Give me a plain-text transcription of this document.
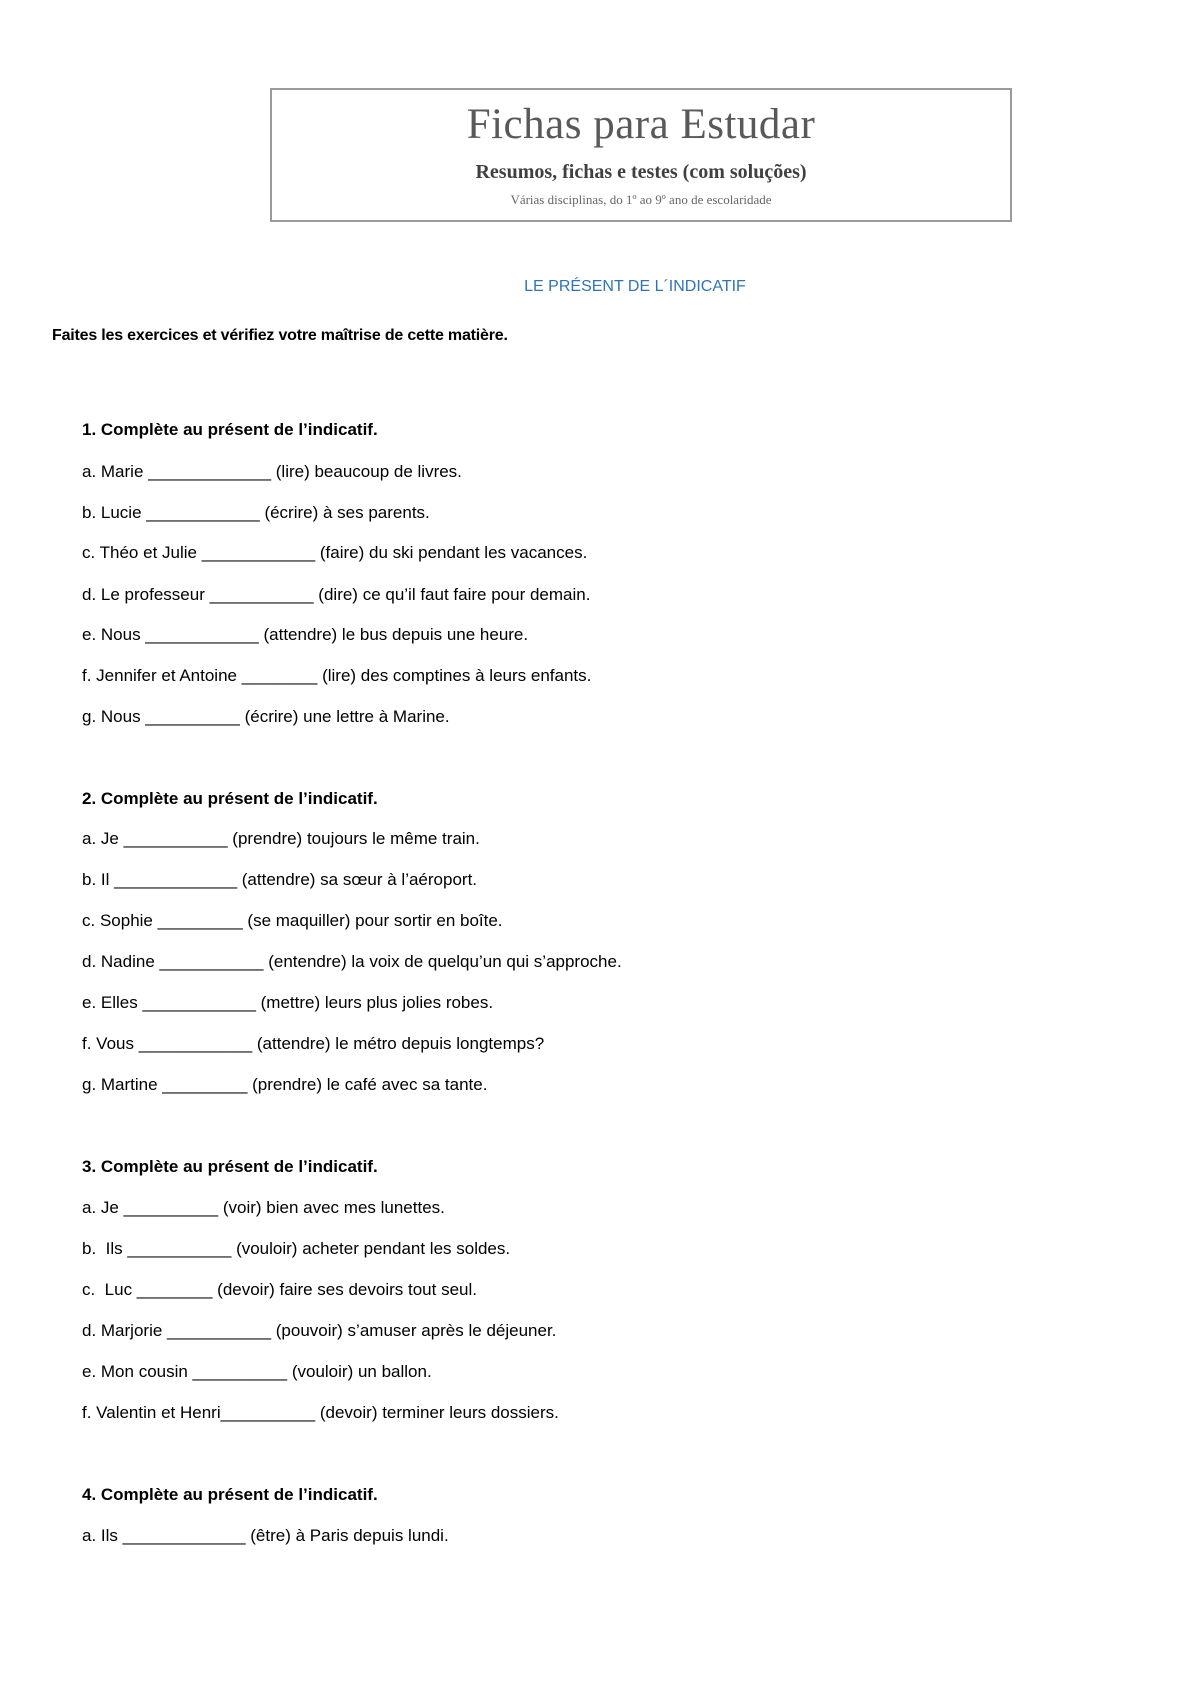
Fichas para Estudar
Resumos, fichas e testes (com soluções)
Várias disciplinas, do 1º ao 9º ano de escolaridade
LE PRÉSENT DE L´INDICATIF
Faites les exercices et vérifiez votre maîtrise de cette matière.
1. Complète au présent de l’indicatif.
a. Marie _____________ (lire) beaucoup de livres.
b. Lucie ____________ (écrire) à ses parents.
c. Théo et Julie ____________ (faire) du ski pendant les vacances.
d. Le professeur ___________ (dire) ce qu’il faut faire pour demain.
e. Nous ____________ (attendre) le bus depuis une heure.
f. Jennifer et Antoine ________ (lire) des comptines à leurs enfants.
g. Nous __________ (écrire) une lettre à Marine.
2. Complète au présent de l’indicatif.
a. Je ___________ (prendre) toujours le même train.
b. Il _____________ (attendre) sa sœur à l’aéroport.
c. Sophie _________ (se maquiller) pour sortir en boîte.
d. Nadine ___________ (entendre) la voix de quelqu’un qui s’approche.
e. Elles ____________ (mettre) leurs plus jolies robes.
f. Vous ____________ (attendre) le métro depuis longtemps?
g. Martine _________ (prendre) le café avec sa tante.
3. Complète au présent de l’indicatif.
a. Je __________ (voir) bien avec mes lunettes.
b.  Ils ___________ (vouloir) acheter pendant les soldes.
c.  Luc ________ (devoir) faire ses devoirs tout seul.
d. Marjorie ___________ (pouvoir) s’amuser après le déjeuner.
e. Mon cousin __________ (vouloir) un ballon.
f. Valentin et Henri__________ (devoir) terminer leurs dossiers.
4. Complète au présent de l’indicatif.
a. Ils _____________ (être) à Paris depuis lundi.
